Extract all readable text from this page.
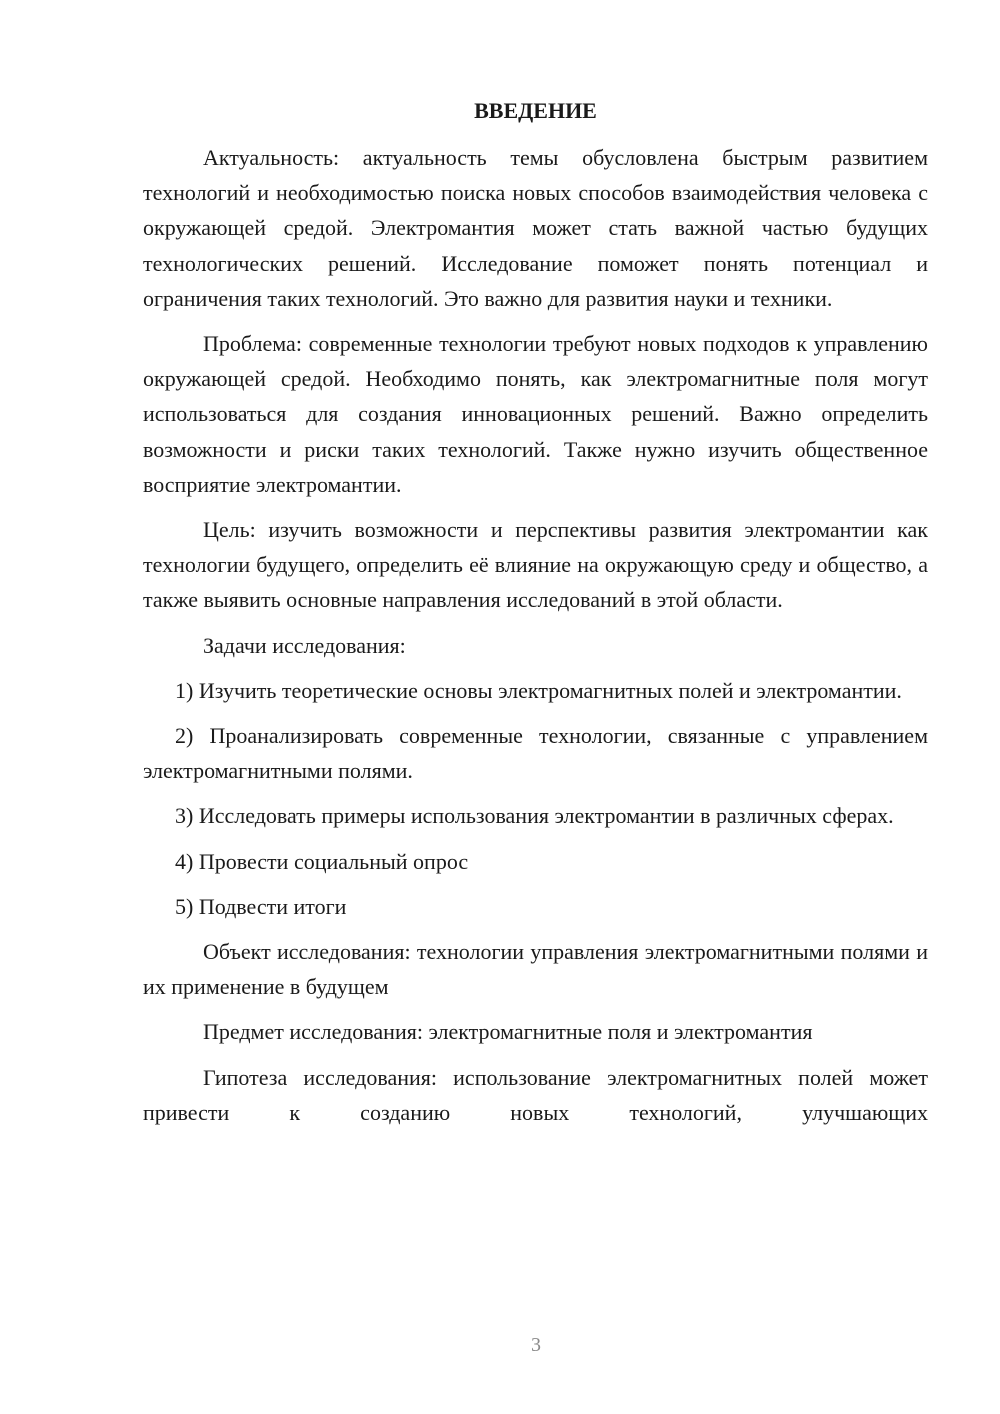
ВВЕДЕНИЕ

Актуальность: актуальность темы обусловлена быстрым развитием технологий и необходимостью поиска новых способов взаимодействия человека с окружающей средой. Электромантия может стать важной частью будущих технологических решений. Исследование поможет понять потенциал и ограничения таких технологий. Это важно для развития науки и техники.

Проблема: современные технологии требуют новых подходов к управлению окружающей средой. Необходимо понять, как электромагнитные поля могут использоваться для создания инновационных решений. Важно определить возможности и риски таких технологий. Также нужно изучить общественное восприятие электромантии.

Цель: изучить возможности и перспективы развития электромантии как технологии будущего, определить её влияние на окружающую среду и общество, а также выявить основные направления исследований в этой области.

Задачи исследования:

1) Изучить теоретические основы электромагнитных полей и электромантии.

2) Проанализировать современные технологии, связанные с управлением электромагнитными полями.

3) Исследовать примеры использования электромантии в различных сферах.

4) Провести социальный опрос

5) Подвести итоги

Объект исследования: технологии управления электромагнитными полями и их применение в будущем

Предмет исследования: электромагнитные поля и электромантия

Гипотеза исследования: использование электромагнитных полей может привести к созданию новых технологий, улучшающих

3
